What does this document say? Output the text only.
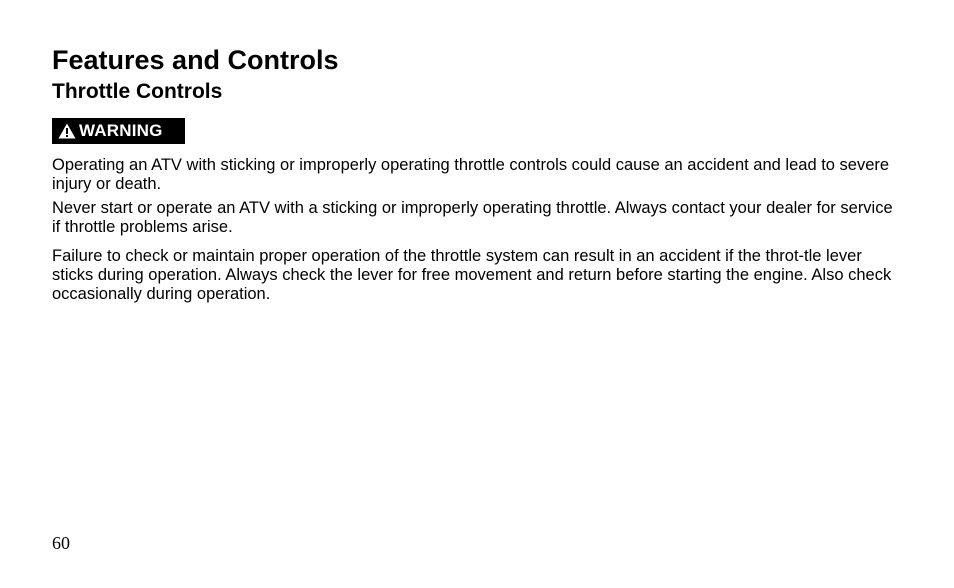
Features and Controls
Throttle Controls
WARNING

Operating an ATV with sticking or improperly operating throttle controls could cause an accident and lead to severe injury or death.

Never start or operate an ATV with a sticking or improperly operating throttle. Always contact your dealer for service if throttle problems arise.

Failure to check or maintain proper operation of the throttle system can result in an accident if the throt-tle lever sticks during operation. Always check the lever for free movement and return before starting the engine. Also check occasionally during operation.

60
